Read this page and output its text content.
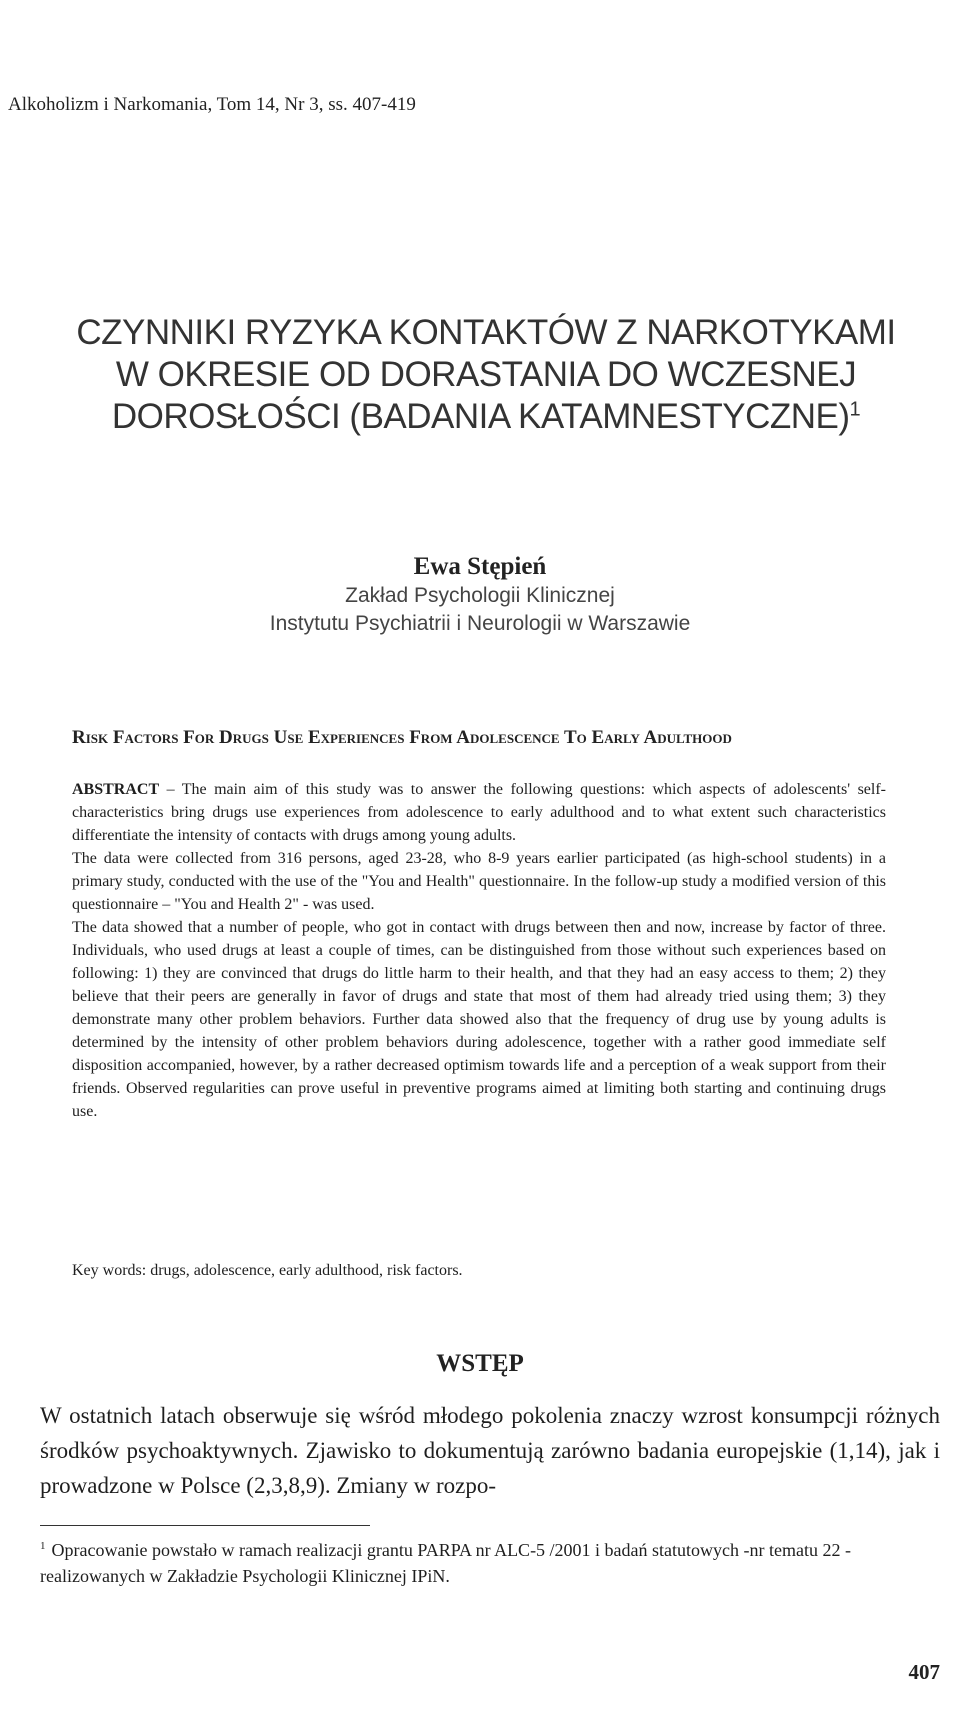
Alkoholizm i Narkomania, Tom 14, Nr 3, ss. 407-419
CZYNNIKI RYZYKA KONTAKTÓW Z NARKOTYKAMI
W OKRESIE OD DORASTANIA DO WCZESNEJ
DOROSŁOŚCI (BADANIA KATAMNESTYCZNE)$^1$
Ewa Stępień
Zakład Psychologii Klinicznej
Instytutu Psychiatrii i Neurologii w Warszawie
Risk Factors For Drugs Use Experiences From Adolescence To Early Adulthood

ABSTRACT – The main aim of this study was to answer the following questions: which aspects of adolescents' self-characteristics bring drugs use experiences from adolescence to early adulthood and to what extent such characteristics differentiate the intensity of contacts with drugs among young adults.

The data were collected from 316 persons, aged 23-28, who 8-9 years earlier participated (as high-school students) in a primary study, conducted with the use of the "You and Health" questionnaire. In the follow-up study a modified version of this questionnaire – "You and Health 2" - was used.

The data showed that a number of people, who got in contact with drugs between then and now, increase by factor of three. Individuals, who used drugs at least a couple of times, can be distinguished from those without such experiences based on following: 1) they are convinced that drugs do little harm to their health, and that they had an easy access to them; 2) they believe that their peers are generally in favor of drugs and state that most of them had already tried using them; 3) they demonstrate many other problem behaviors. Further data showed also that the frequency of drug use by young adults is determined by the intensity of other problem behaviors during adolescence, together with a rather good immediate self disposition accompanied, however, by a rather decreased optimism towards life and a perception of a weak support from their friends. Observed regularities can prove useful in preventive programs aimed at limiting both starting and continuing drugs use.

Key words: drugs, adolescence, early adulthood, risk factors.
WSTĘP
W ostatnich latach obserwuje się wśród młodego pokolenia znaczy wzrost konsumpcji różnych środków psychoaktywnych. Zjawisko to dokumentują zarówno badania europejskie (1,14), jak i prowadzone w Polsce (2,3,8,9). Zmiany w rozpo-
$^1$ Opracowanie powstało w ramach realizacji grantu PARPA nr ALC-5 /2001 i badań statutowych -nr tematu 22 - realizowanych w Zakładzie Psychologii Klinicznej IPiN.
407
